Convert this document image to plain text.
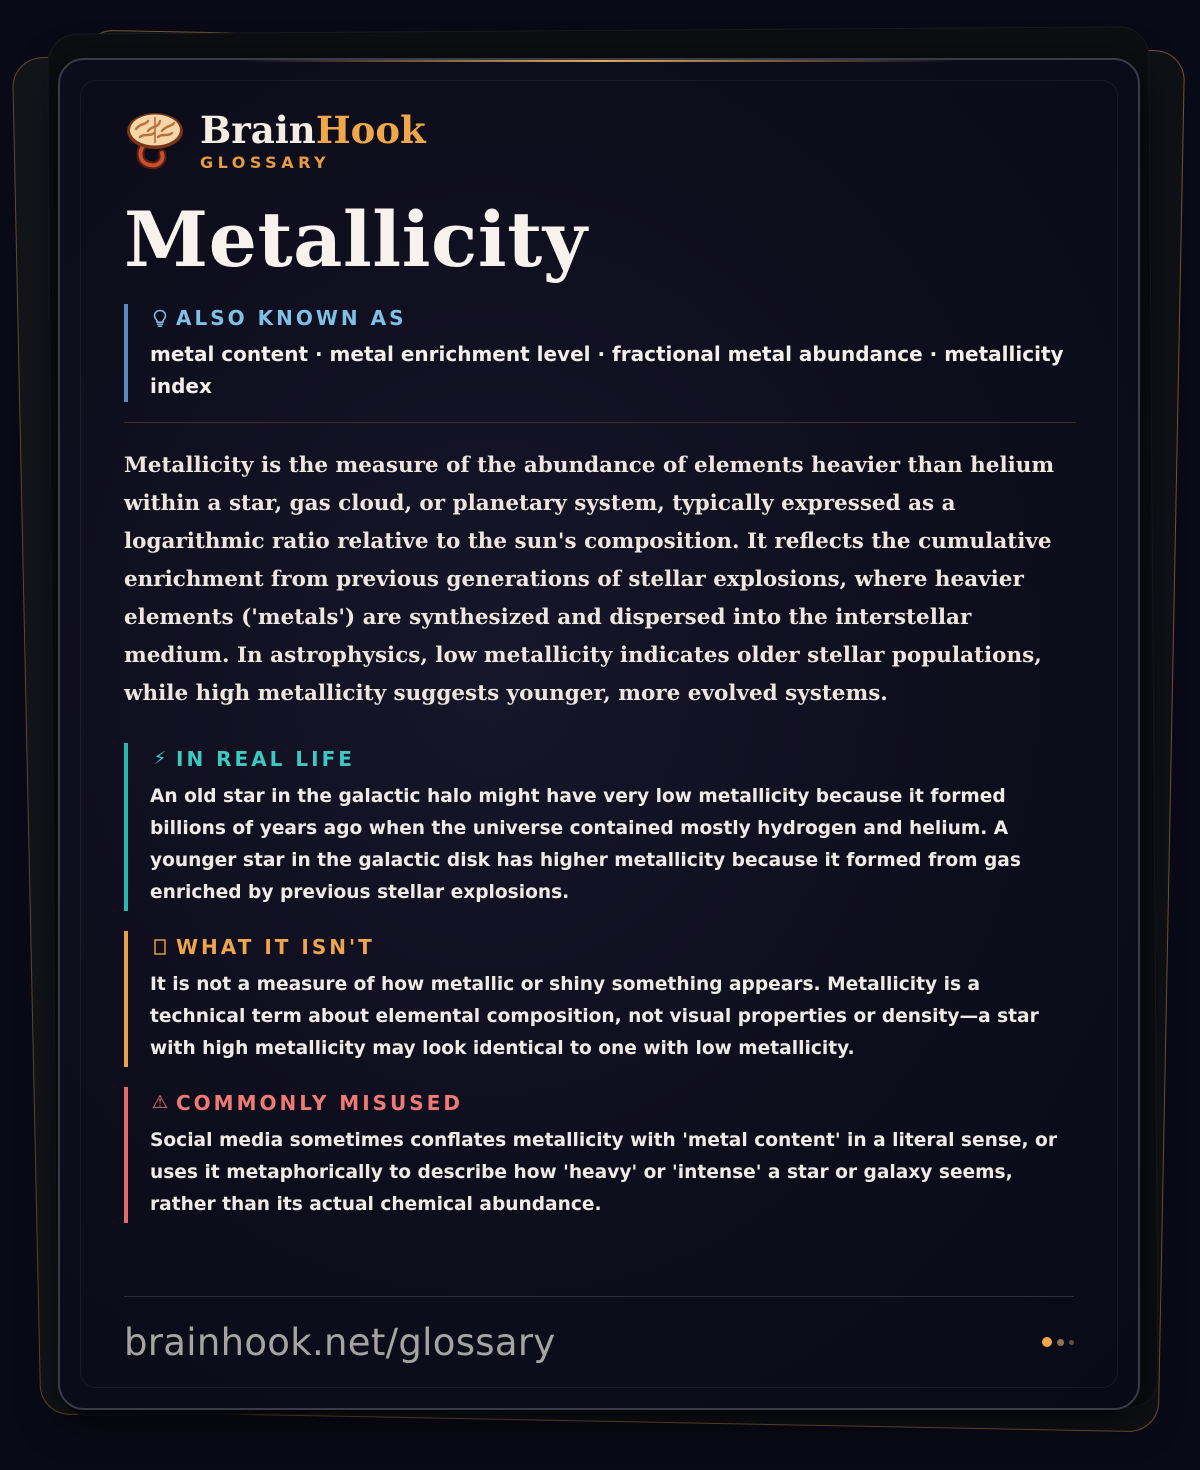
BrainHook
GLOSSARY
Metallicity
ALSO KNOWN AS
metal content · metal enrichment level · fractional metal abundance · metallicity index
Metallicity is the measure of the abundance of elements heavier than helium within a star, gas cloud, or planetary system, typically expressed as a logarithmic ratio relative to the sun's composition. It reflects the cumulative enrichment from previous generations of stellar explosions, where heavier elements ('metals') are synthesized and dispersed into the interstellar medium. In astrophysics, low metallicity indicates older stellar populations, while high metallicity suggests younger, more evolved systems.
⚡ IN REAL LIFE
An old star in the galactic halo might have very low metallicity because it formed billions of years ago when the universe contained mostly hydrogen and helium. A younger star in the galactic disk has higher metallicity because it formed from gas enriched by previous stellar explosions.
WHAT IT ISN'T
It is not a measure of how metallic or shiny something appears. Metallicity is a technical term about elemental composition, not visual properties or density—a star with high metallicity may look identical to one with low metallicity.
⚠ COMMONLY MISUSED
Social media sometimes conflates metallicity with 'metal content' in a literal sense, or uses it metaphorically to describe how 'heavy' or 'intense' a star or galaxy seems, rather than its actual chemical abundance.
brainhook.net/glossary
